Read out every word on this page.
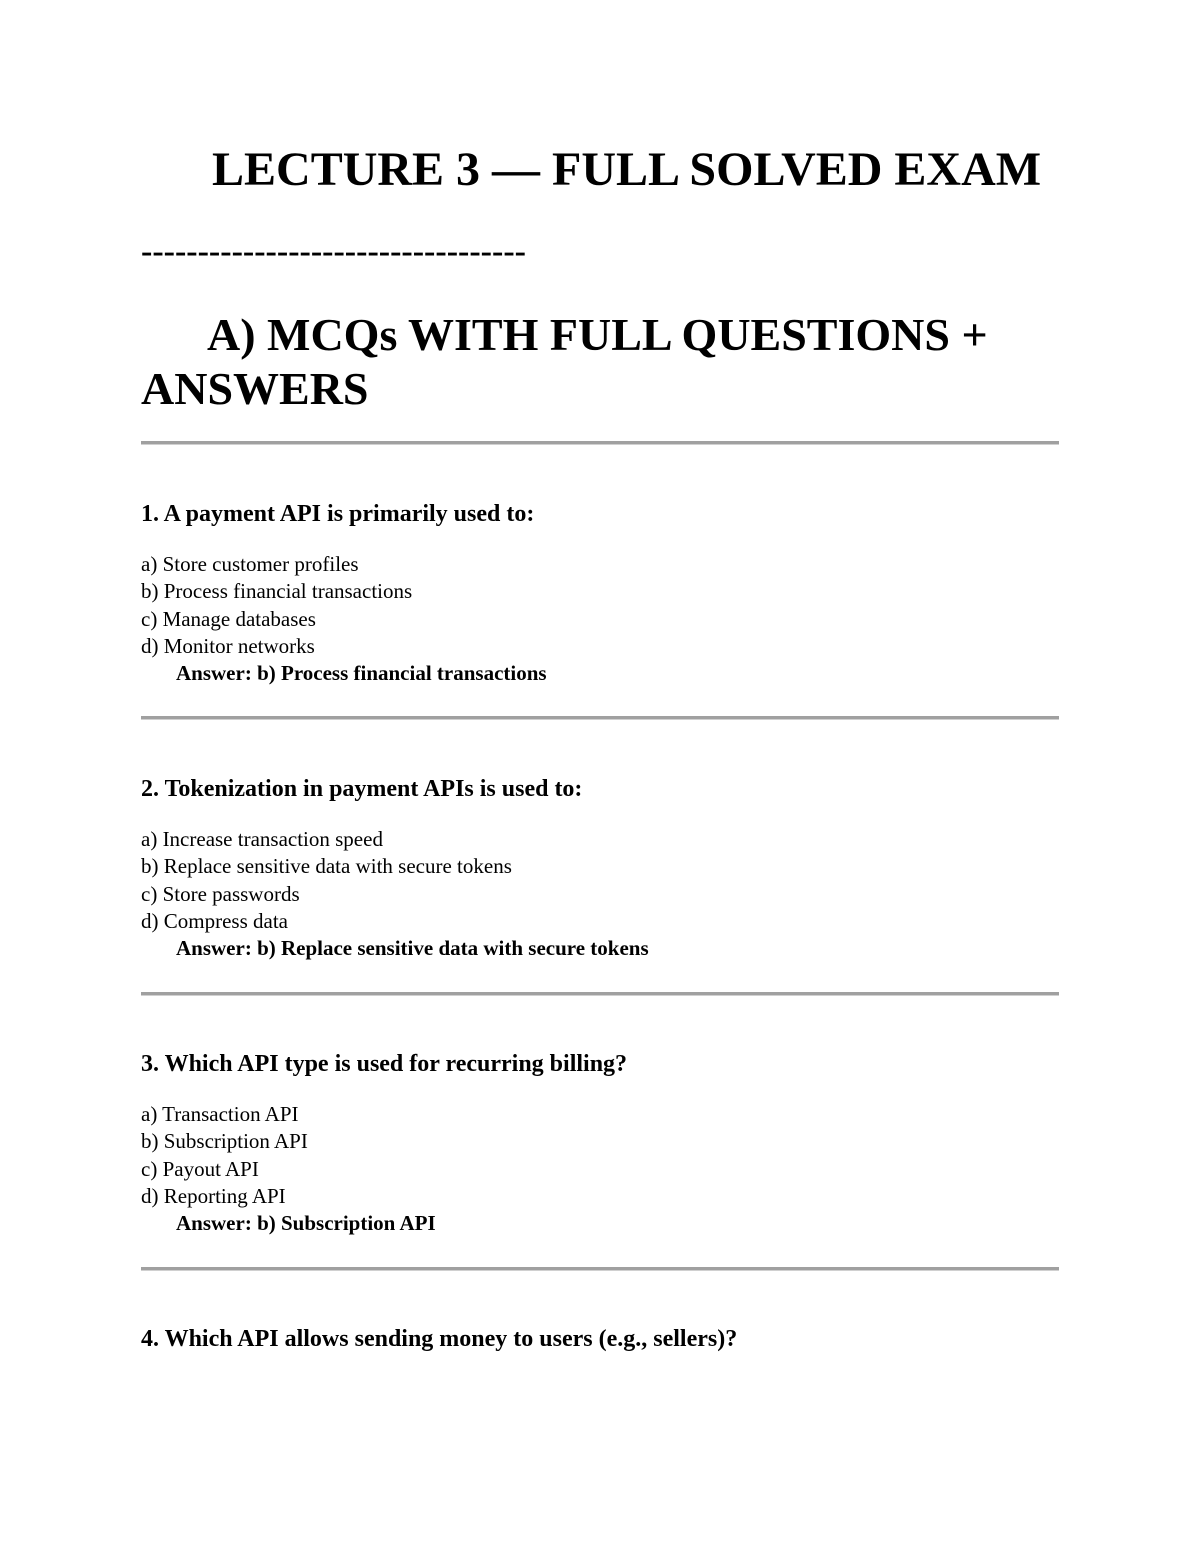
LECTURE 3 — FULL SOLVED EXAM
----------------------------------
A) MCQs WITH FULL QUESTIONS + ANSWERS
1. A payment API is primarily used to:
a) Store customer profiles
b) Process financial transactions
c) Manage databases
d) Monitor networks
Answer: b) Process financial transactions
2. Tokenization in payment APIs is used to:
a) Increase transaction speed
b) Replace sensitive data with secure tokens
c) Store passwords
d) Compress data
Answer: b) Replace sensitive data with secure tokens
3. Which API type is used for recurring billing?
a) Transaction API
b) Subscription API
c) Payout API
d) Reporting API
Answer: b) Subscription API
4. Which API allows sending money to users (e.g., sellers)?
